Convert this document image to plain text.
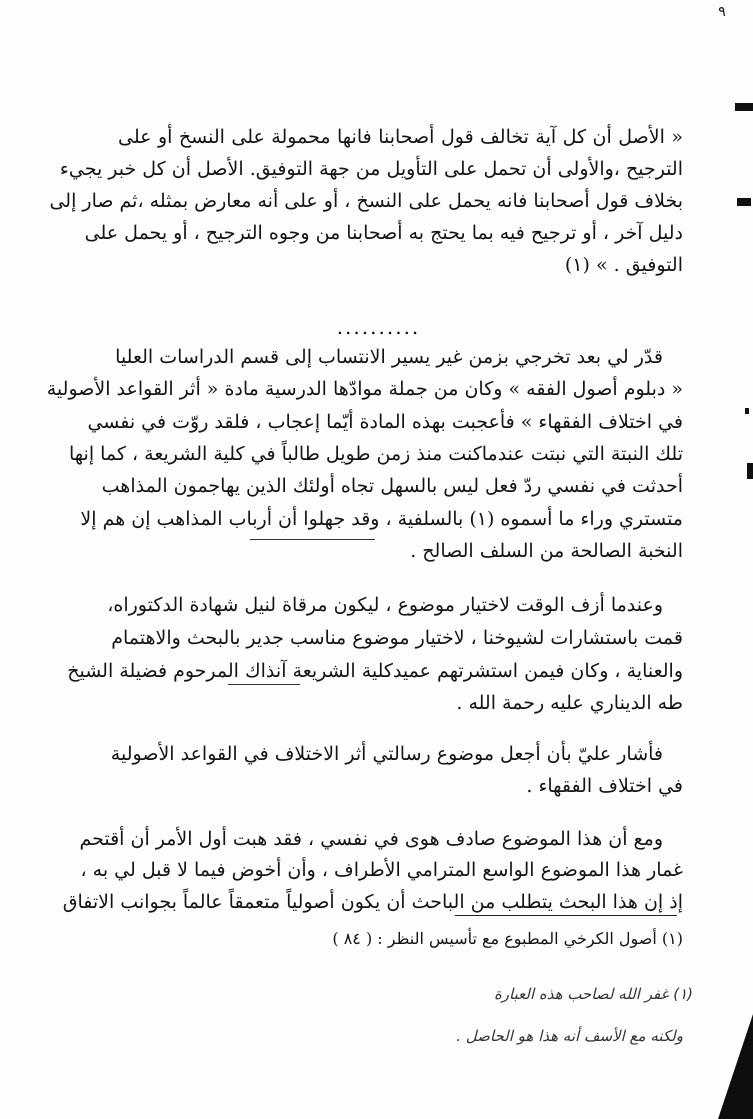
٩
« الأصل أن كل آية تخالف قول أصحابنا فانها محمولة على النسخ أو على
الترجيح ،والأولى أن تحمل على التأويل من جهة التوفيق. الأصل أن كل خبر يجيء
بخلاف قول أصحابنا فانه يحمل على النسخ ، أو على أنه معارض بمثله ،ثم صار إلى
دليل آخر ، أو ترجيح فيه بما يحتج به أصحابنا من وجوه الترجيح ، أو يحمل على
التوفيق . » (١)
..........
قدّر لي بعد تخرجي بزمن غير يسير الانتساب إلى قسم الدراسات العليا
« دبلوم أصول الفقه » وكان من جملة موادّها الدرسية مادة « أثر القواعد الأصولية
في اختلاف الفقهاء » فأعجبت بهذه المادة أيّما إعجاب ، فلقد روّت في نفسي
تلك النبتة التي نبتت عندماكنت منذ زمن طويل طالباً في كلية الشريعة ، كما إنها
أحدثت في نفسي ردّ فعل ليس بالسهل تجاه أولئك الذين يهاجمون المذاهب
متستري وراء ما أسموه (١) بالسلفية ، وقد جهلوا أن أرباب المذاهب إن هم إلا
النخبة الصالحة من السلف الصالح .
وعندما أزف الوقت لاختيار موضوع ، ليكون مرقاة لنيل شهادة الدكتوراه،
قمت باستشارات لشيوخنا ، لاختيار موضوع مناسب جدير بالبحث والاهتمام
والعناية ، وكان فيمن استشرتهم عميدكلية الشريعة آنذاك المرحوم فضيلة الشيخ
طه الديناري عليه رحمة الله .
فأشار عليّ بأن أجعل موضوع رسالتي أثر الاختلاف في القواعد الأصولية
في اختلاف الفقهاء .
ومع أن هذا الموضوع صادف هوى في نفسي ، فقد هبت أول الأمر أن أقتحم
غمار هذا الموضوع الواسع المترامي الأطراف ، وأن أخوض فيما لا قبل لي به ،
إذ إن هذا البحث يتطلب من الباحث أن يكون أصولياً متعمقاً عالماً بجوانب الاتفاق
(١) أصول الكرخي المطبوع مع تأسيس النظر : ( ٨٤ )
(١) غفر الله لصاحب هذه العبارة
ولكنه مع الأسف أنه هذا هو الحاصل .
